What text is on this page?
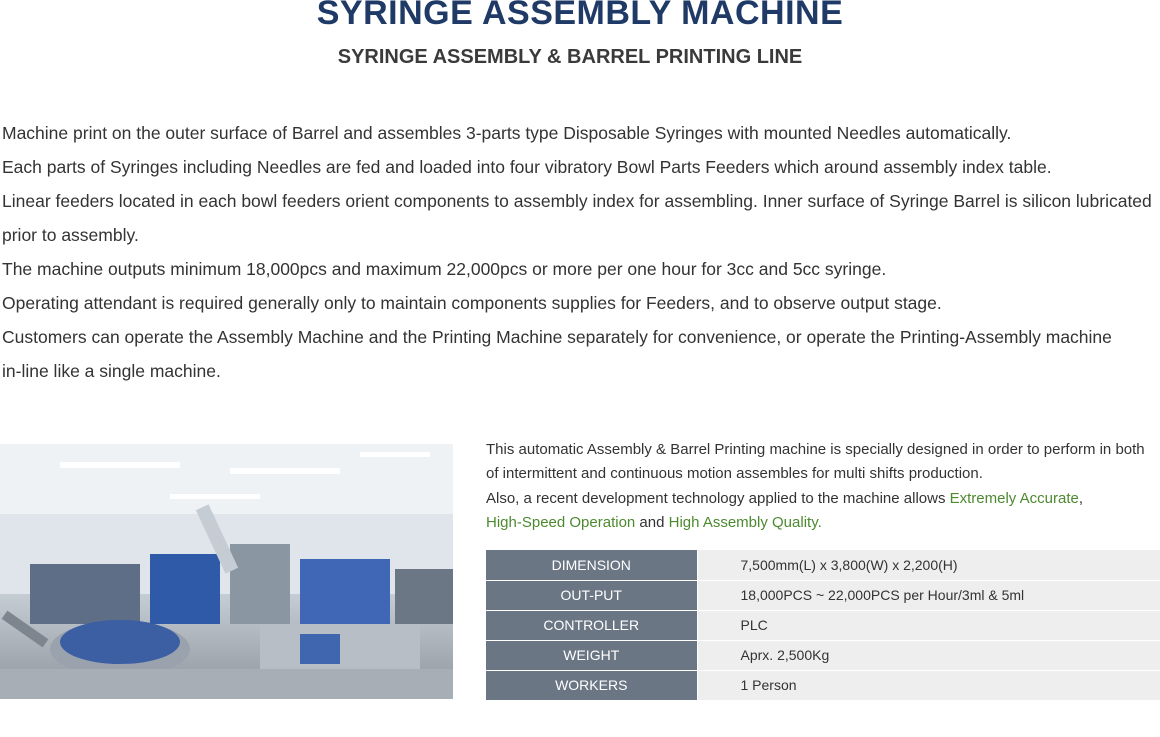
SYRINGE ASSEMBLY MACHINE
SYRINGE ASSEMBLY & BARREL PRINTING LINE

Machine print on the outer surface of Barrel and assembles 3-parts type Disposable Syringes with mounted Needles automatically.

Each parts of Syringes including Needles are fed and loaded into four vibratory Bowl Parts Feeders which around assembly index table.

Linear feeders located in each bowl feeders orient components to assembly index for assembling. Inner surface of Syringe Barrel is silicon lubricated

prior to assembly.

The machine outputs minimum 18,000pcs and maximum 22,000pcs or more per one hour for 3cc and 5cc syringe.

Operating attendant is required generally only to maintain components supplies for Feeders, and to observe output stage.

Customers can operate the Assembly Machine and the Printing Machine separately for convenience, or operate the Printing-Assembly machine

in-line like a single machine.

This automatic Assembly & Barrel Printing machine is specially designed in order to perform in both of intermittent and continuous motion assembles for multi shifts production.
Also, a recent development technology applied to the machine allows Extremely Accurate,
High-Speed Operation and High Assembly Quality.
DIMENSION	7,500mm(L) x 3,800(W) x 2,200(H)
OUT-PUT	18,000PCS ~ 22,000PCS per Hour/3ml & 5ml
CONTROLLER	PLC
WEIGHT	Aprx. 2,500Kg
WORKERS	1 Person
